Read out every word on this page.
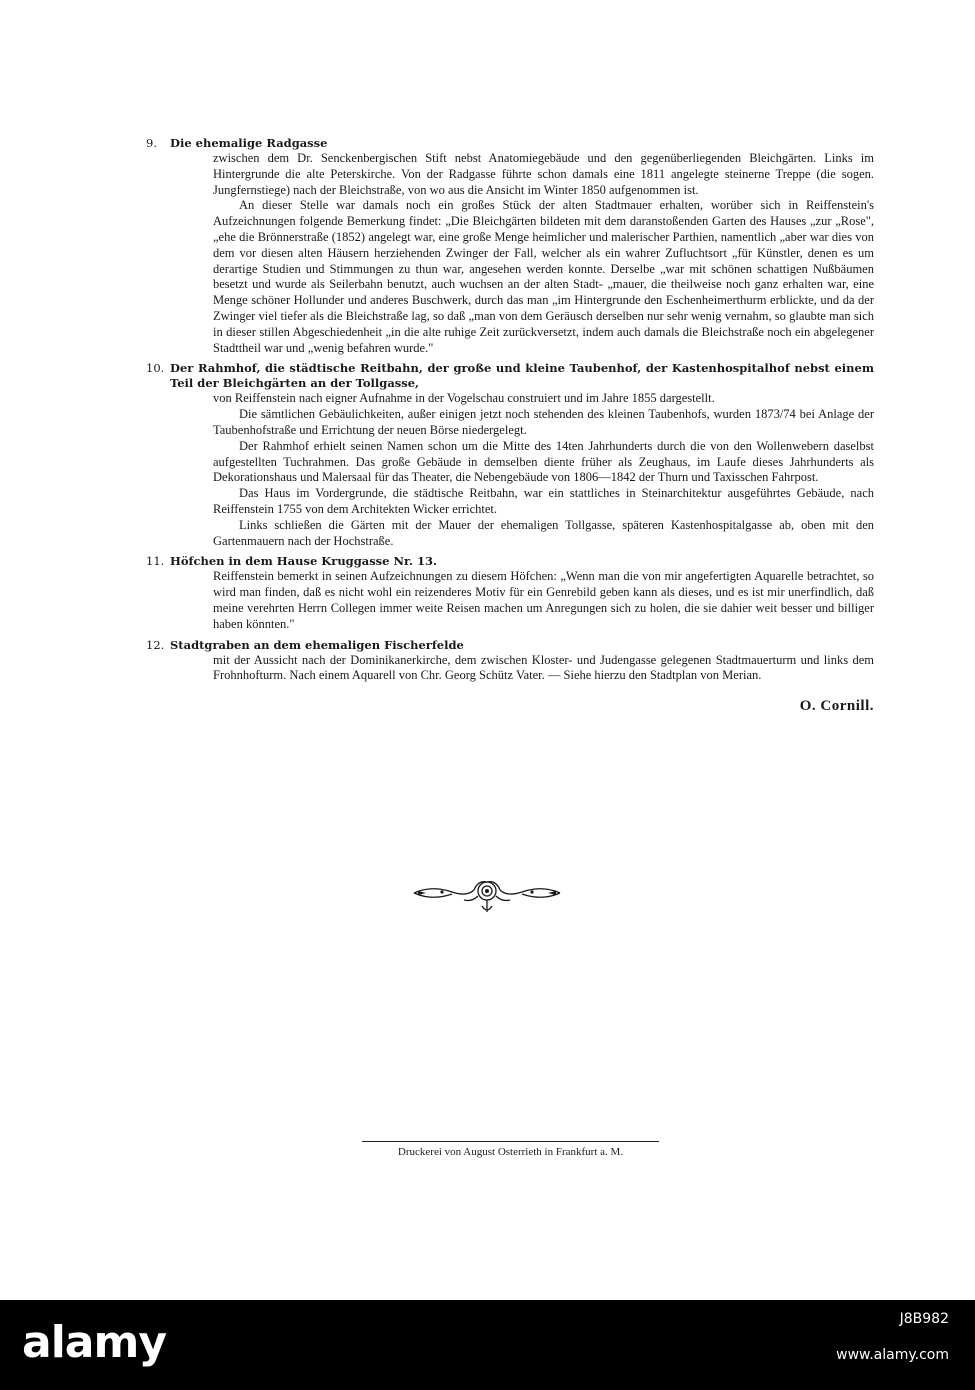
9.	Die ehemalige Radgasse

zwischen dem Dr. Senckenbergischen Stift nebst Anatomiegebäude und den gegenüberliegenden Bleichgärten. Links im Hintergrunde die alte Peterskirche. Von der Radgasse führte schon damals eine 1811 angelegte steinerne Treppe (die sogen. Jungfernstiege) nach der Bleichstraße, von wo aus die Ansicht im Winter 1850 aufgenommen ist.

An dieser Stelle war damals noch ein großes Stück der alten Stadtmauer erhalten, worüber sich in Reiffenstein's Aufzeichnungen folgende Bemerkung findet: „Die Bleichgärten bildeten mit dem daranstoßenden Garten des Hauses „zur „Rose", „ehe die Brönnerstraße (1852) angelegt war, eine große Menge heimlicher und malerischer Parthien, namentlich „aber war dies von dem vor diesen alten Häusern herziehenden Zwinger der Fall, welcher als ein wahrer Zufluchtsort „für Künstler, denen es um derartige Studien und Stimmungen zu thun war, angesehen werden konnte. Derselbe „war mit schönen schattigen Nußbäumen besetzt und wurde als Seilerbahn benutzt, auch wuchsen an der alten Stadt- „mauer, die theilweise noch ganz erhalten war, eine Menge schöner Hollunder und anderes Buschwerk, durch das man „im Hintergrunde den Eschenheimerthurm erblickte, und da der Zwinger viel tiefer als die Bleichstraße lag, so daß „man von dem Geräusch derselben nur sehr wenig vernahm, so glaubte man sich in dieser stillen Abgeschiedenheit „in die alte ruhige Zeit zurückversetzt, indem auch damals die Bleichstraße noch ein abgelegener Stadttheil war und „wenig befahren wurde."

10. Der Rahmhof, die städtische Reitbahn, der große und kleine Taubenhof, der Kastenhospitalhof nebst einem Teil der Bleichgärten an der Tollgasse,

von Reiffenstein nach eigner Aufnahme in der Vogelschau construiert und im Jahre 1855 dargestellt.

Die sämtlichen Gebäulichkeiten, außer einigen jetzt noch stehenden des kleinen Taubenhofs, wurden 1873/74 bei Anlage der Taubenhofstraße und Errichtung der neuen Börse niedergelegt.

Der Rahmhof erhielt seinen Namen schon um die Mitte des 14ten Jahrhunderts durch die von den Wollenwebern daselbst aufgestellten Tuchrahmen. Das große Gebäude in demselben diente früher als Zeughaus, im Laufe dieses Jahrhunderts als Dekorationshaus und Malersaal für das Theater, die Nebengebäude von 1806—1842 der Thurn und Taxisschen Fahrpost.

Das Haus im Vordergrunde, die städtische Reitbahn, war ein stattliches in Steinarchitektur ausgeführtes Gebäude, nach Reiffenstein 1755 von dem Architekten Wicker errichtet.

Links schließen die Gärten mit der Mauer der ehemaligen Tollgasse, späteren Kastenhospitalgasse ab, oben mit den Gartenmauern nach der Hochstraße.

11. Höfchen in dem Hause Kruggasse Nr. 13.

Reiffenstein bemerkt in seinen Aufzeichnungen zu diesem Höfchen: „Wenn man die von mir angefertigten Aquarelle betrachtet, so wird man finden, daß es nicht wohl ein reizenderes Motiv für ein Genrebild geben kann als dieses, und es ist mir unerfindlich, daß meine verehrten Herrn Collegen immer weite Reisen machen um Anregungen sich zu holen, die sie dahier weit besser und billiger haben könnten."

12. Stadtgraben an dem ehemaligen Fischerfelde

mit der Aussicht nach der Dominikanerkirche, dem zwischen Kloster- und Judengasse gelegenen Stadtmauerturm und links dem Frohnhofturm. Nach einem Aquarell von Chr. Georg Schütz Vater. — Siehe hierzu den Stadtplan von Merian.

O. Cornill.
Druckerei von August Osterrieth in Frankfurt a. M.
alamy	J8B982
www.alamy.com
